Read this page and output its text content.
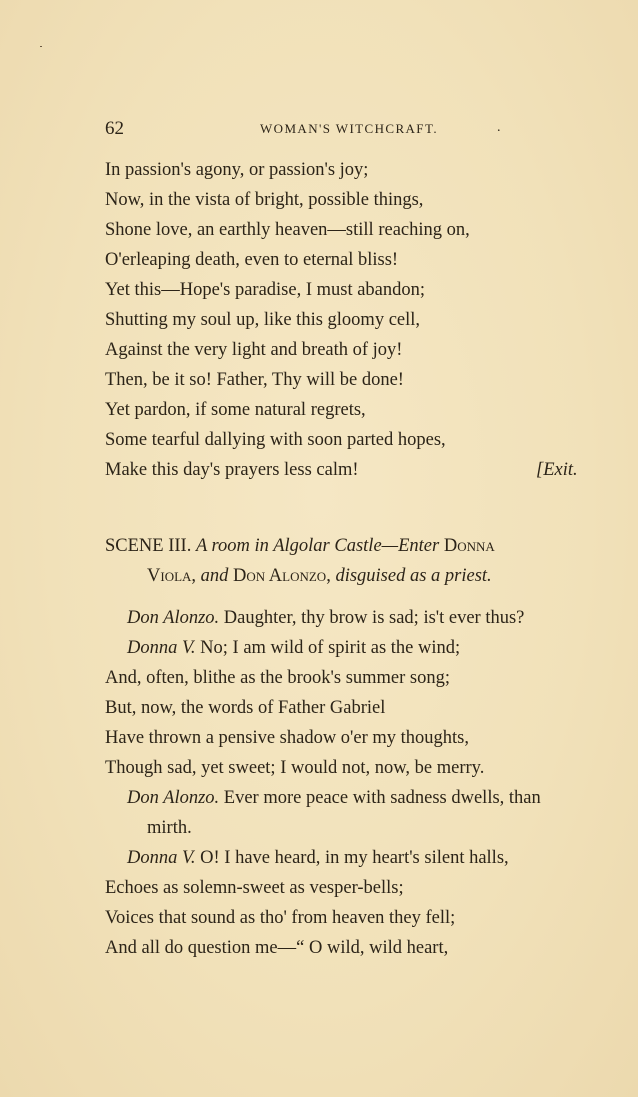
62	WOMAN'S WITCHCRAFT.	.
In passion's agony, or passion's joy;
Now, in the vista of bright, possible things,
Shone love, an earthly heaven—still reaching on,
O'erleaping death, even to eternal bliss!
Yet this—Hope's paradise, I must abandon;
Shutting my soul up, like this gloomy cell,
Against the very light and breath of joy!
Then, be it so! Father, Thy will be done!
Yet pardon, if some natural regrets,
Some tearful dallying with soon parted hopes,
Make this day's prayers less calm!	[Exit.
SCENE III. A room in Algolar Castle—Enter Donna
Viola, and Don Alonzo, disguised as a priest.
Don Alonzo. Daughter, thy brow is sad; is't ever thus?
Donna V. No; I am wild of spirit as the wind;
And, often, blithe as the brook's summer song;
But, now, the words of Father Gabriel
Have thrown a pensive shadow o'er my thoughts,
Though sad, yet sweet; I would not, now, be merry.
Don Alonzo. Ever more peace with sadness dwells, than
mirth.
Donna V. O! I have heard, in my heart's silent halls,
Echoes as solemn-sweet as vesper-bells;
Voices that sound as tho' from heaven they fell;
And all do question me—“ O wild, wild heart,
